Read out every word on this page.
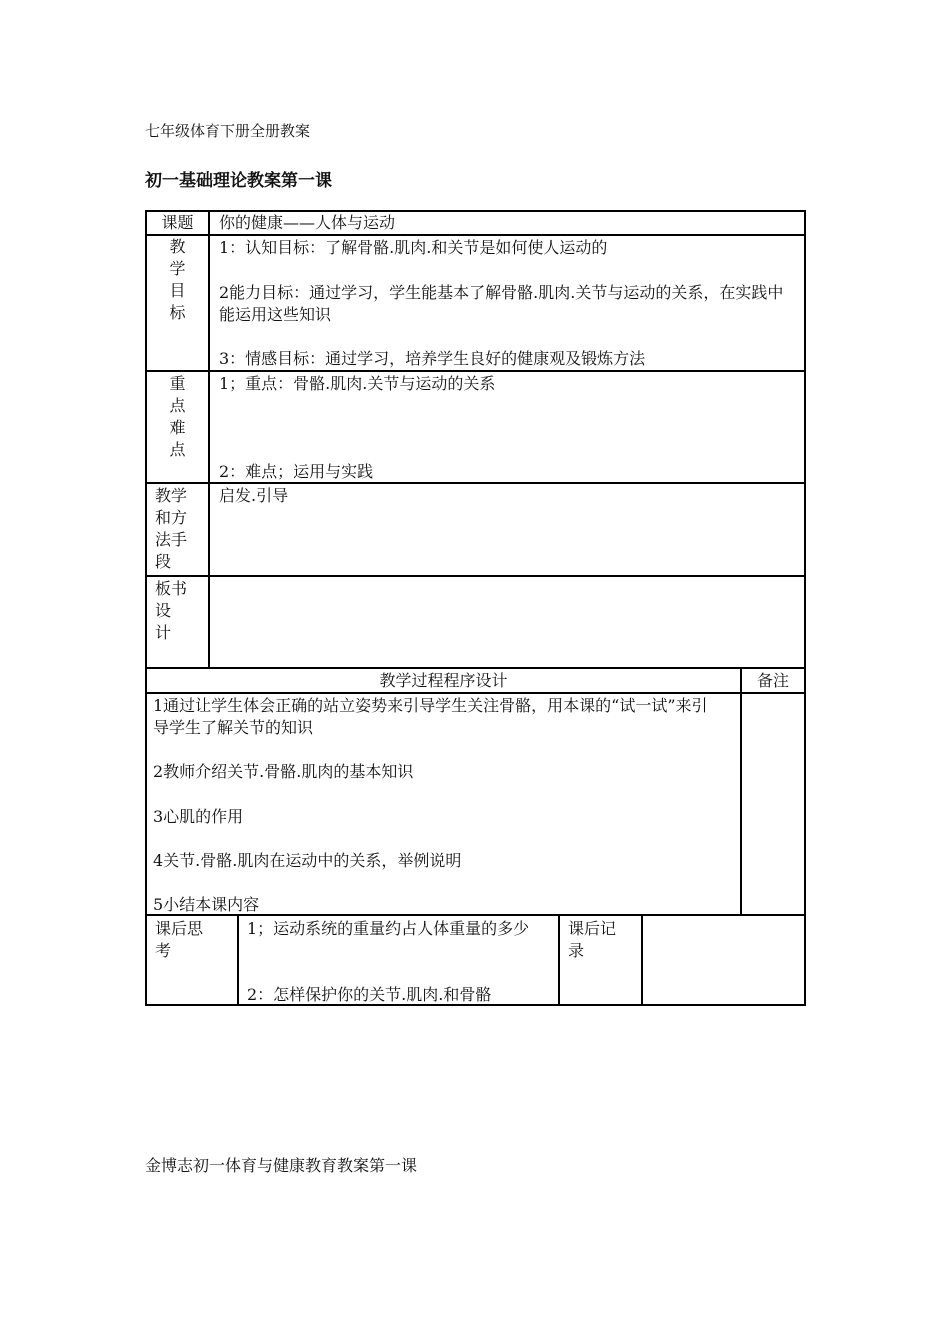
七年级体育下册全册教案
初一基础理论教案第一课
课题	你的健康——人体与运动
教
学
目
标
1：认知目标：了解骨骼.肌肉.和关节是如何使人运动的
2能力目标：通过学习，学生能基本了解骨骼.肌肉.关节与运动的关系，在实践中能运用这些知识
3：情感目标：通过学习，培养学生良好的健康观及锻炼方法
重
点
难
点
1；重点：骨骼.肌肉.关节与运动的关系
2：难点；运用与实践
教学
和方
法手
段
启发.引导
板书
设
计
教学过程程序设计	备注
1通过让学生体会正确的站立姿势来引导学生关注骨骼，用本课的“试一试”来引导学生了解关节的知识
2教师介绍关节.骨骼.肌肉的基本知识
3心肌的作用
4关节.骨骼.肌肉在运动中的关系，举例说明
5小结本课内容
课后思
考
1；运动系统的重量约占人体重量的多少
2：怎样保护你的关节.肌肉.和骨骼
课后记
录
金博志初一体育与健康教育教案第一课
